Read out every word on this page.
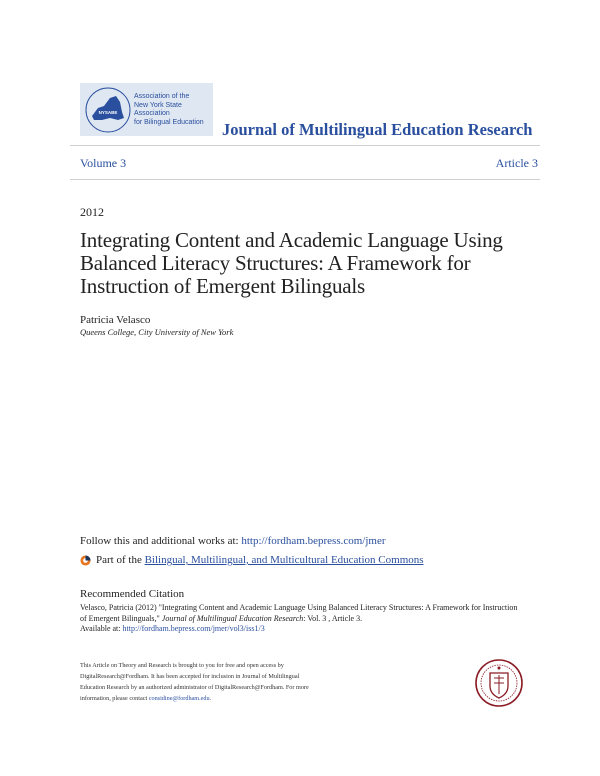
NYSABE
Association of the
New York State Association
for Bilingual Education	Journal of Multilingual Education Research
Volume 3	Article 3
2012
Integrating Content and Academic Language Using Balanced Literacy Structures: A Framework for Instruction of Emergent Bilinguals
Patricia Velasco
Queens College, City University of New York
Follow this and additional works at: http://fordham.bepress.com/jmer
Part of the
Bilingual, Multilingual, and Multicultural Education Commons
Recommended Citation
Velasco, Patricia (2012) "Integrating Content and Academic Language Using Balanced Literacy Structures: A Framework for Instruction of Emergent Bilinguals," Journal of Multilingual Education Research: Vol. 3 , Article 3.
Available at: http://fordham.bepress.com/jmer/vol3/iss1/3
This Article on Theory and Research is brought to you for free and open access by DigitalResearch@Fordham. It has been accepted for inclusion in Journal of Multilingual Education Research by an authorized administrator of DigitalResearch@Fordham. For more information, please contact considine@fordham.edu.
